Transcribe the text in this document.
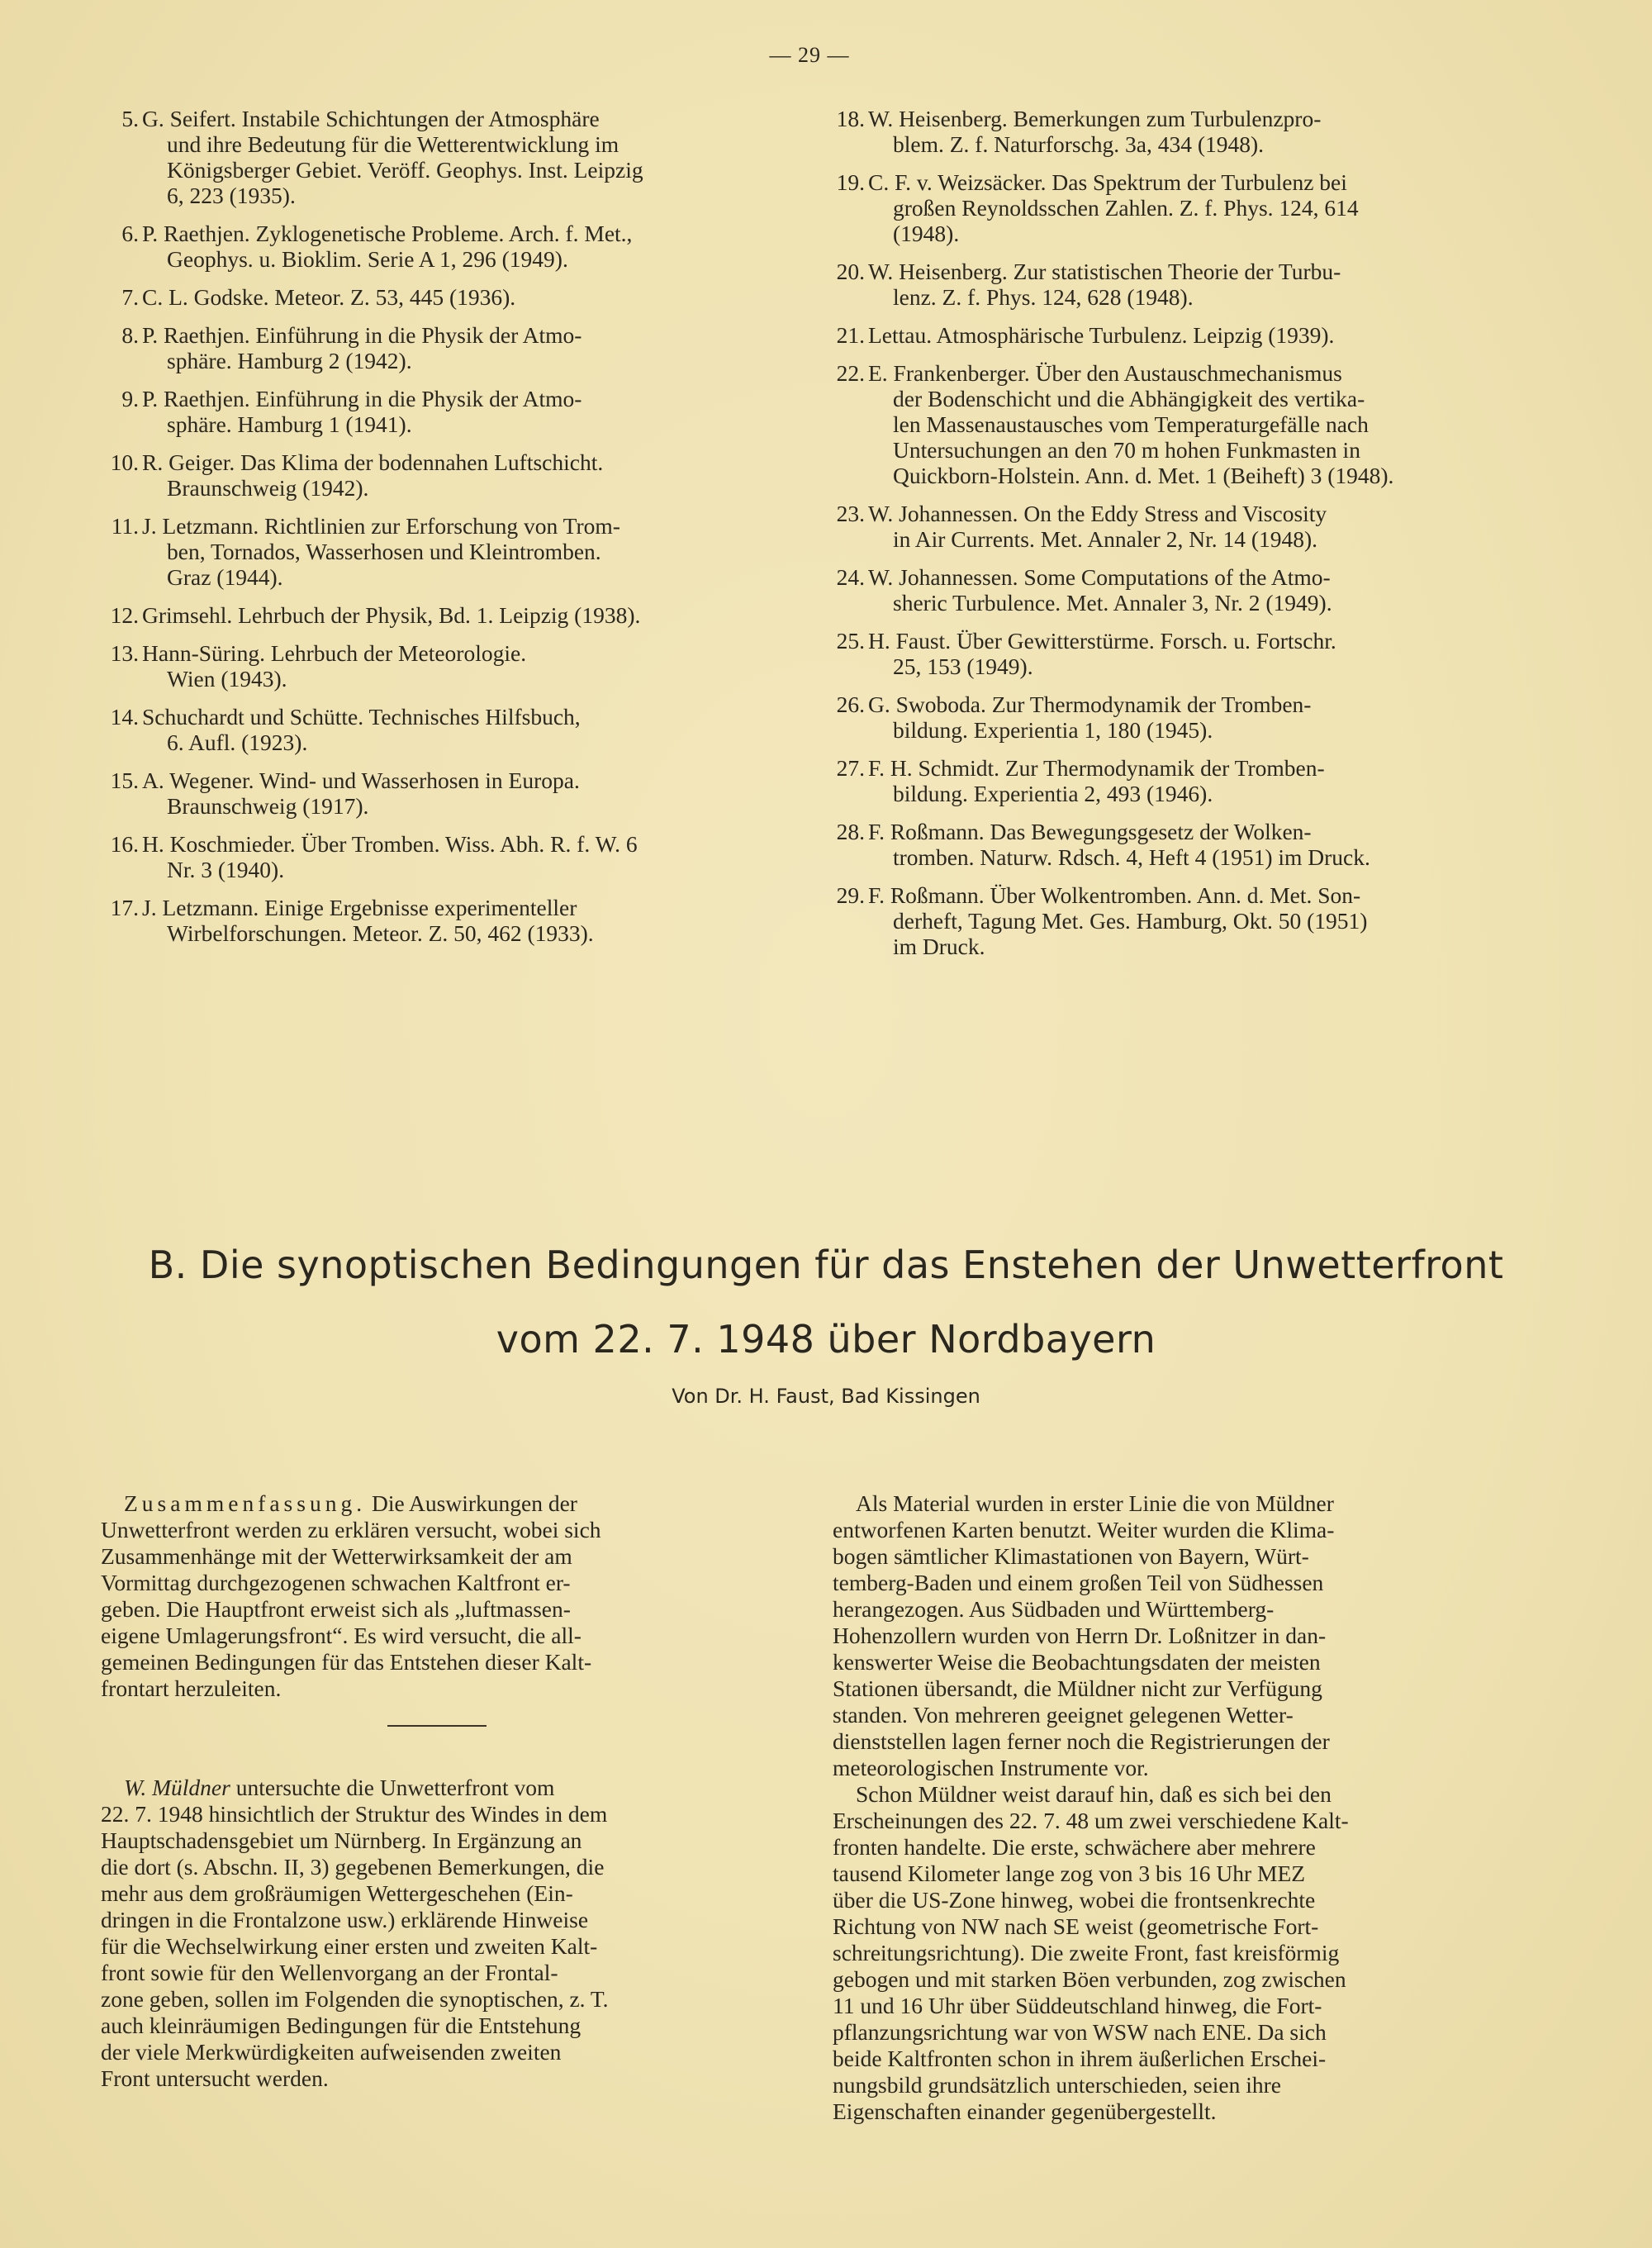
— 29 —
5. G. Seifert. Instabile Schichtungen der Atmosphäre
und ihre Bedeutung für die Wetterentwicklung im
Königsberger Gebiet. Veröff. Geophys. Inst. Leipzig
6, 223 (1935).
6. P. Raethjen. Zyklogenetische Probleme. Arch. f. Met.,
Geophys. u. Bioklim. Serie A 1, 296 (1949).
7. C. L. Godske. Meteor. Z. 53, 445 (1936).
8. P. Raethjen. Einführung in die Physik der Atmo-
sphäre. Hamburg 2 (1942).
9. P. Raethjen. Einführung in die Physik der Atmo-
sphäre. Hamburg 1 (1941).
10. R. Geiger. Das Klima der bodennahen Luftschicht.
Braunschweig (1942).
11. J. Letzmann. Richtlinien zur Erforschung von Trom-
ben, Tornados, Wasserhosen und Kleintromben.
Graz (1944).
12. Grimsehl. Lehrbuch der Physik, Bd. 1. Leipzig (1938).
13. Hann-Süring. Lehrbuch der Meteorologie.
Wien (1943).
14. Schuchardt und Schütte. Technisches Hilfsbuch,
6. Aufl. (1923).
15. A. Wegener. Wind- und Wasserhosen in Europa.
Braunschweig (1917).
16. H. Koschmieder. Über Tromben. Wiss. Abh. R. f. W. 6
Nr. 3 (1940).
17. J. Letzmann. Einige Ergebnisse experimenteller
Wirbelforschungen. Meteor. Z. 50, 462 (1933).
18. W. Heisenberg. Bemerkungen zum Turbulenzpro-
blem. Z. f. Naturforschg. 3a, 434 (1948).
19. C. F. v. Weizsäcker. Das Spektrum der Turbulenz bei
großen Reynoldsschen Zahlen. Z. f. Phys. 124, 614
(1948).
20. W. Heisenberg. Zur statistischen Theorie der Turbu-
lenz. Z. f. Phys. 124, 628 (1948).
21. Lettau. Atmosphärische Turbulenz. Leipzig (1939).
22. E. Frankenberger. Über den Austauschmechanismus
der Bodenschicht und die Abhängigkeit des vertika-
len Massenaustausches vom Temperaturgefälle nach
Untersuchungen an den 70 m hohen Funkmasten in
Quickborn-Holstein. Ann. d. Met. 1 (Beiheft) 3 (1948).
23. W. Johannessen. On the Eddy Stress and Viscosity
in Air Currents. Met. Annaler 2, Nr. 14 (1948).
24. W. Johannessen. Some Computations of the Atmo-
sheric Turbulence. Met. Annaler 3, Nr. 2 (1949).
25. H. Faust. Über Gewitterstürme. Forsch. u. Fortschr.
25, 153 (1949).
26. G. Swoboda. Zur Thermodynamik der Tromben-
bildung. Experientia 1, 180 (1945).
27. F. H. Schmidt. Zur Thermodynamik der Tromben-
bildung. Experientia 2, 493 (1946).
28. F. Roßmann. Das Bewegungsgesetz der Wolken-
tromben. Naturw. Rdsch. 4, Heft 4 (1951) im Druck.
29. F. Roßmann. Über Wolkentromben. Ann. d. Met. Son-
derheft, Tagung Met. Ges. Hamburg, Okt. 50 (1951)
im Druck.
B. Die synoptischen Bedingungen für das Enstehen der Unwetterfront
vom 22. 7. 1948 über Nordbayern
Von Dr. H. Faust, Bad Kissingen
Zusammenfassung. Die Auswirkungen der
Unwetterfront werden zu erklären versucht, wobei sich
Zusammenhänge mit der Wetterwirksamkeit der am
Vormittag durchgezogenen schwachen Kaltfront er-
geben. Die Hauptfront erweist sich als „luftmassen-
eigene Umlagerungsfront“. Es wird versucht, die all-
gemeinen Bedingungen für das Entstehen dieser Kalt-
frontart herzuleiten.
W. Müldner untersuchte die Unwetterfront vom
22. 7. 1948 hinsichtlich der Struktur des Windes in dem
Hauptschadensgebiet um Nürnberg. In Ergänzung an
die dort (s. Abschn. II, 3) gegebenen Bemerkungen, die
mehr aus dem großräumigen Wettergeschehen (Ein-
dringen in die Frontalzone usw.) erklärende Hinweise
für die Wechselwirkung einer ersten und zweiten Kalt-
front sowie für den Wellenvorgang an der Frontal-
zone geben, sollen im Folgenden die synoptischen, z. T.
auch kleinräumigen Bedingungen für die Entstehung
der viele Merkwürdigkeiten aufweisenden zweiten
Front untersucht werden.
Als Material wurden in erster Linie die von Müldner
entworfenen Karten benutzt. Weiter wurden die Klima-
bogen sämtlicher Klimastationen von Bayern, Würt-
temberg-Baden und einem großen Teil von Südhessen
herangezogen. Aus Südbaden und Württemberg-
Hohenzollern wurden von Herrn Dr. Loßnitzer in dan-
kenswerter Weise die Beobachtungsdaten der meisten
Stationen übersandt, die Müldner nicht zur Verfügung
standen. Von mehreren geeignet gelegenen Wetter-
dienststellen lagen ferner noch die Registrierungen der
meteorologischen Instrumente vor.
Schon Müldner weist darauf hin, daß es sich bei den
Erscheinungen des 22. 7. 48 um zwei verschiedene Kalt-
fronten handelte. Die erste, schwächere aber mehrere
tausend Kilometer lange zog von 3 bis 16 Uhr MEZ
über die US-Zone hinweg, wobei die frontsenkrechte
Richtung von NW nach SE weist (geometrische Fort-
schreitungsrichtung). Die zweite Front, fast kreisförmig
gebogen und mit starken Böen verbunden, zog zwischen
11 und 16 Uhr über Süddeutschland hinweg, die Fort-
pflanzungsrichtung war von WSW nach ENE. Da sich
beide Kaltfronten schon in ihrem äußerlichen Erschei-
nungsbild grundsätzlich unterschieden, seien ihre
Eigenschaften einander gegenübergestellt.
